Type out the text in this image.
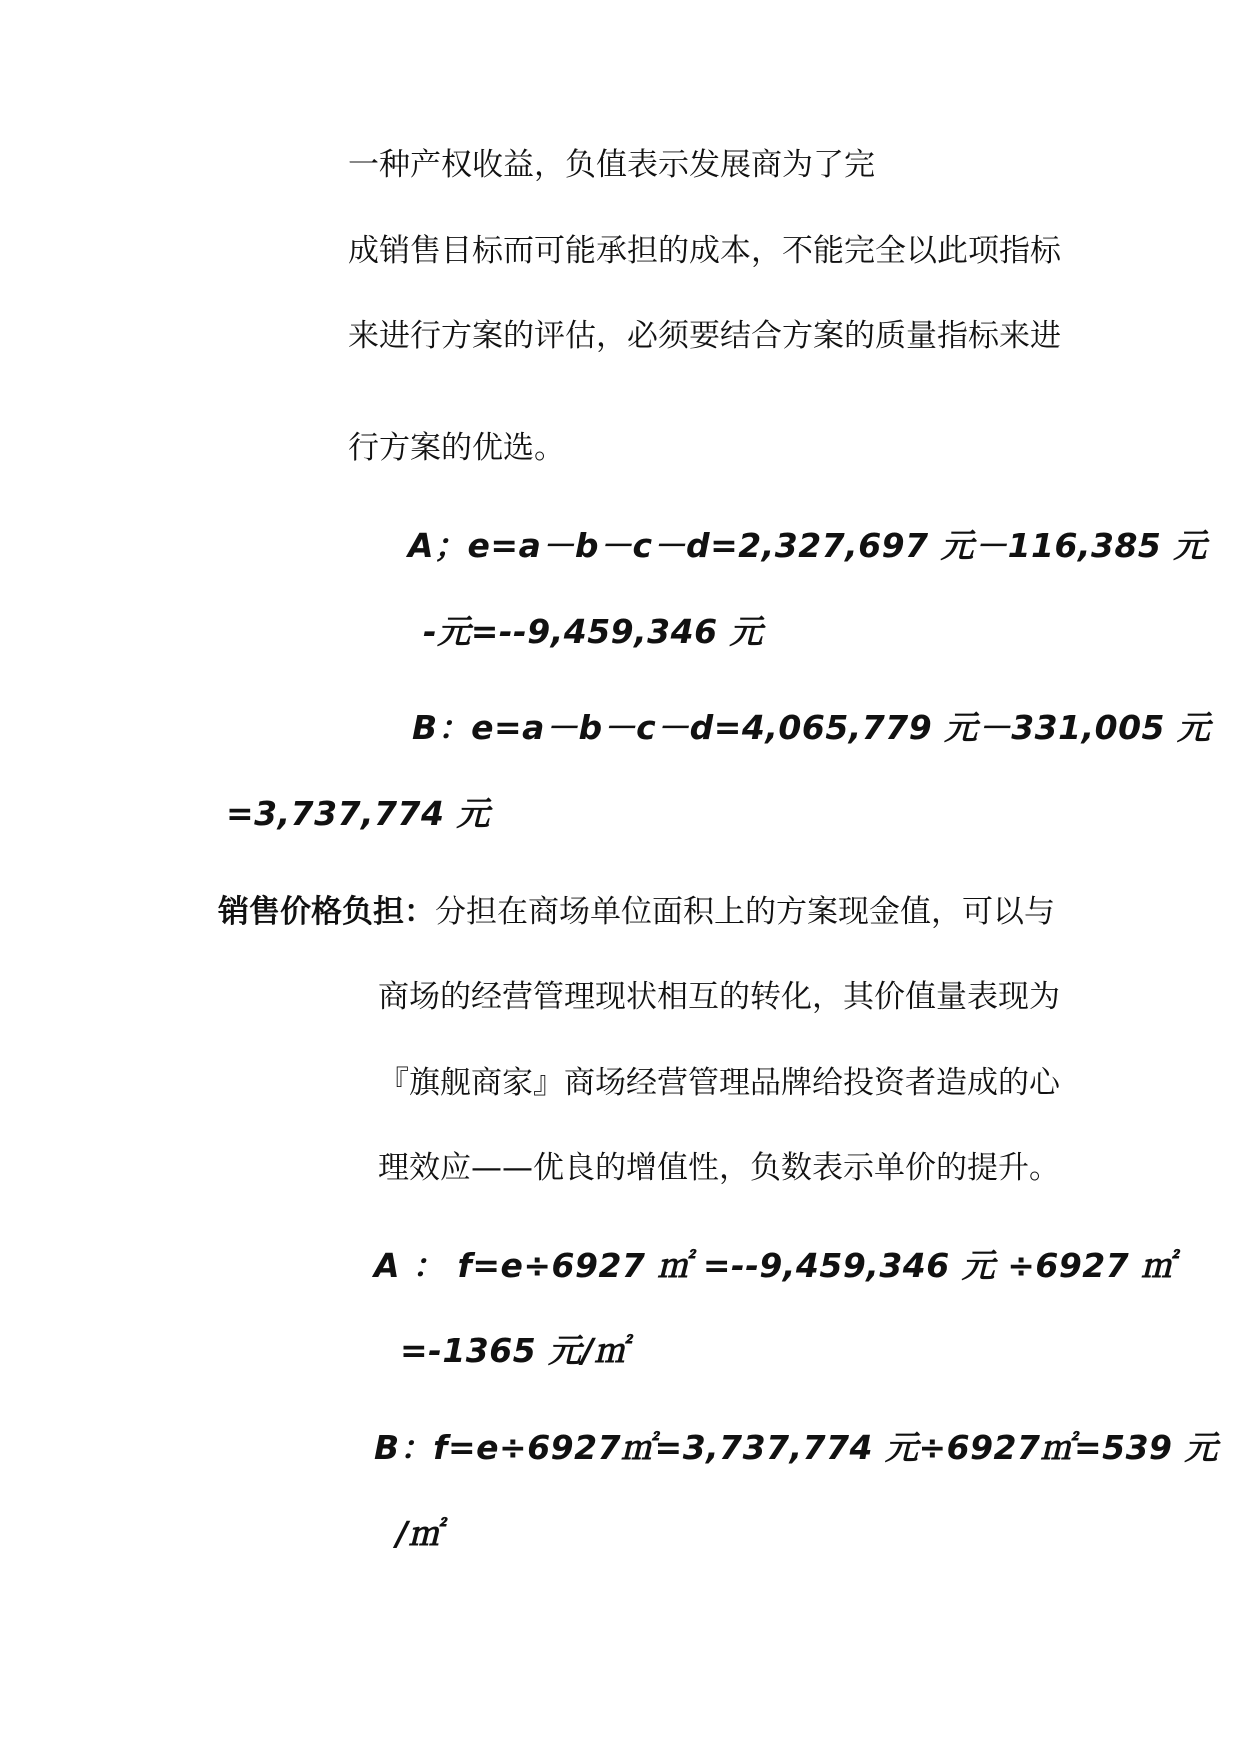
一种产权收益，负值表示发展商为了完
成销售目标而可能承担的成本，不能完全以此项指标
来进行方案的评估，必须要结合方案的质量指标来进
行方案的优选。
A；e=a－b－c－d=2,327,697 元－116,385 元
-元=--9,459,346 元
B：e=a－b－c－d=4,065,779 元－331,005 元
=3,737,774 元
销售价格负担：分担在商场单位面积上的方案现金值，可以与
商场的经营管理现状相互的转化，其价值量表现为
『旗舰商家』商场经营管理品牌给投资者造成的心
理效应——优良的增值性，负数表示单价的提升。
A ： f=e÷6927 ㎡ =--9,459,346 元 ÷6927 ㎡
=-1365 元/㎡
B：f=e÷6927㎡=3,737,774 元÷6927㎡=539 元
/㎡
